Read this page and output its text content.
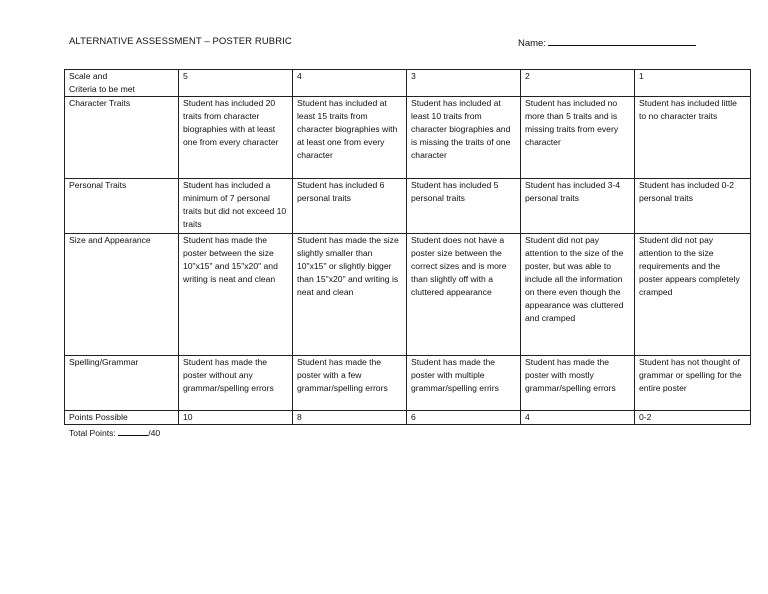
ALTERNATIVE ASSESSMENT – POSTER RUBRIC	Name:
Scale and
Criteria to be met	5	4	3	2	1
Character Traits	Student has included 20 traits from character biographies with at least one from every character	Student has included at least 15 traits from character biographies with at least one from every character	Student has included at least 10 traits from character biographies and is missing the traits of one character	Student has included no more than 5 traits and is missing traits from every character	Student has included little to no character traits
Personal Traits	Student has included a minimum of 7 personal traits but did not exceed 10 traits	Student has included 6 personal traits	Student has included 5 personal traits	Student has included 3-4 personal traits	Student has included 0-2 personal traits
Size and Appearance	Student has made the poster between the size 10"x15" and 15"x20" and writing is neat and clean	Student has made the size slightly smaller than 10"x15" or slightly bigger than 15"x20" and writing is neat and clean	Student does not have a poster size between the correct sizes and is more than slightly off with a cluttered appearance	Student did not pay attention to the size of the poster, but was able to include all the information on there even though the appearance was cluttered and cramped	Student did not pay attention to the size requirements and the poster appears completely cramped
Spelling/Grammar	Student has made the poster without any grammar/spelling errors	Student has made the poster with a few grammar/spelling errors	Student has made the poster with multiple grammar/spelling errirs	Student has made the poster with mostly grammar/spelling errors	Student has not thought of grammar or spelling for the entire poster
Points Possible	10	8	6	4	0-2
Total Points:	/40
